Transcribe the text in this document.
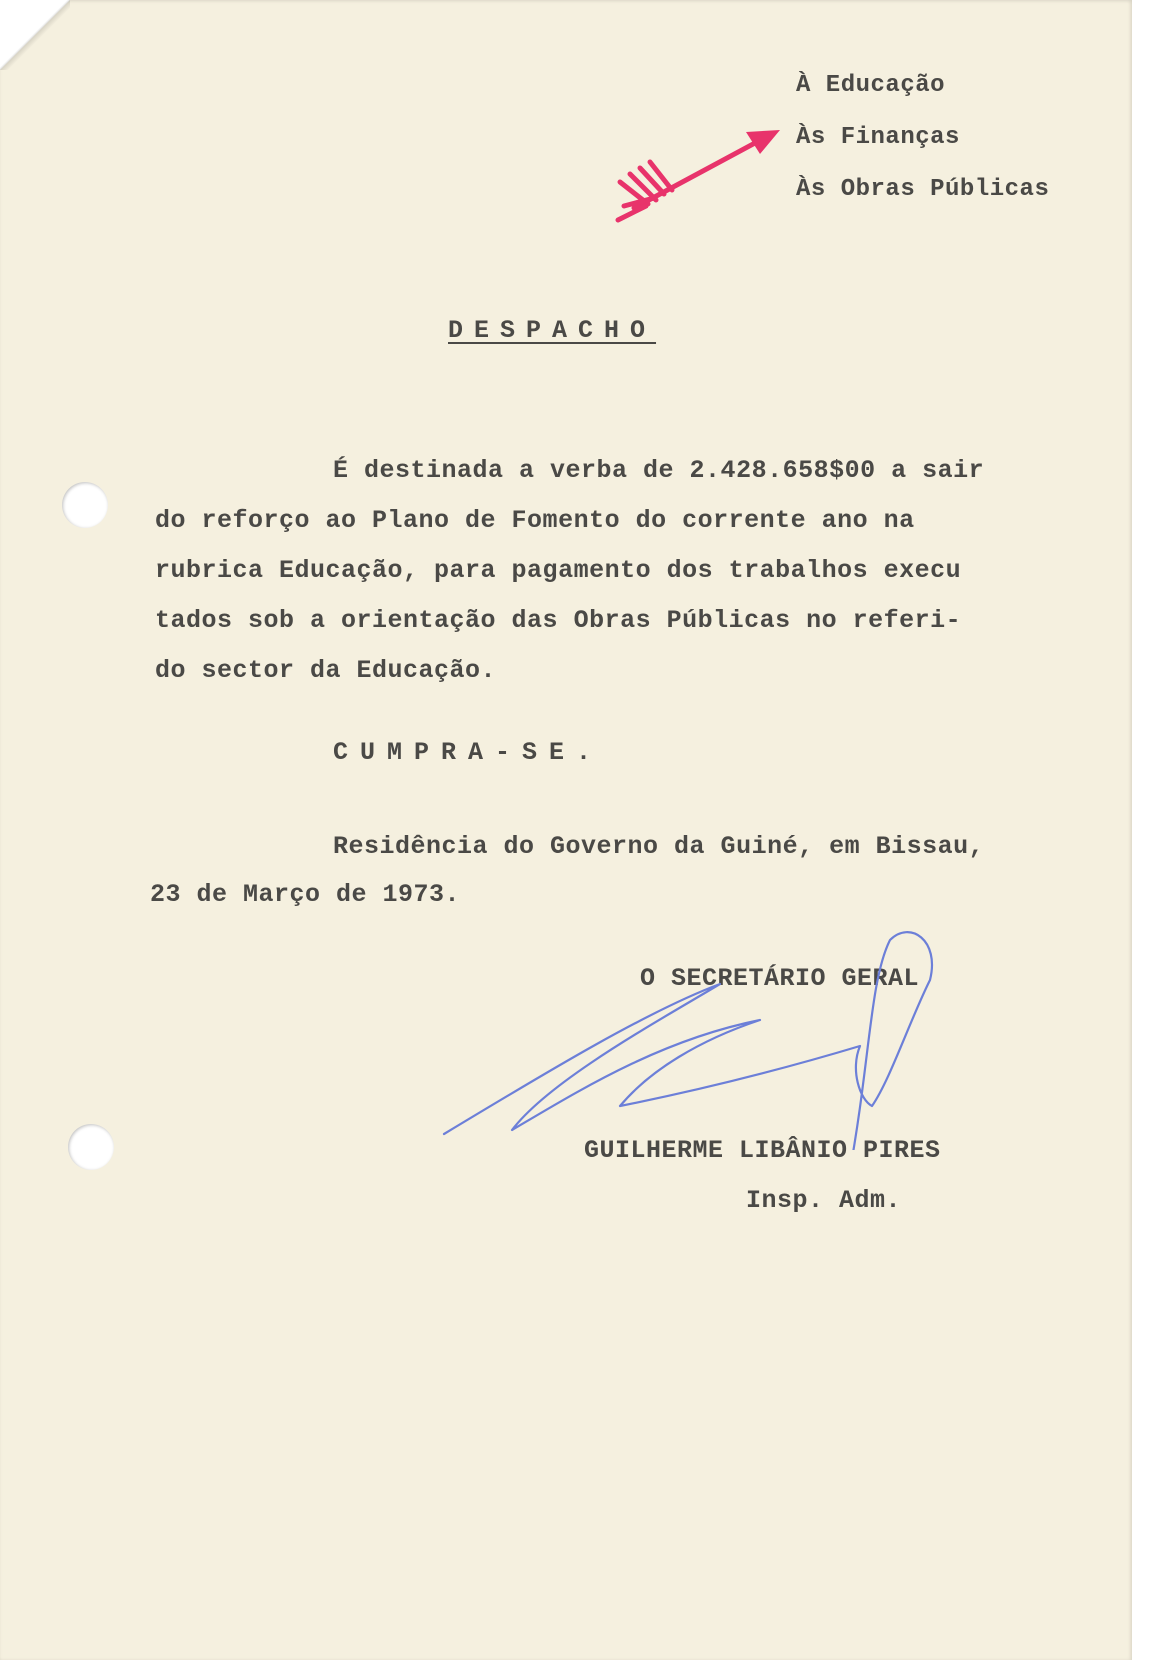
À Educação
Às Finanças
Às Obras Públicas
DESPACHO
É destinada a verba de 2.428.658$00 a sair
do reforço ao Plano de Fomento do corrente ano na
rubrica Educação, para pagamento dos trabalhos execu
tados sob a orientação das Obras Públicas no referi-
do sector da Educação.
CUMPRA-SE.
Residência do Governo da Guiné, em Bissau,
23 de Março de 1973.
O SECRETÁRIO GERAL
GUILHERME LIBÂNIO PIRES
Insp. Adm.
